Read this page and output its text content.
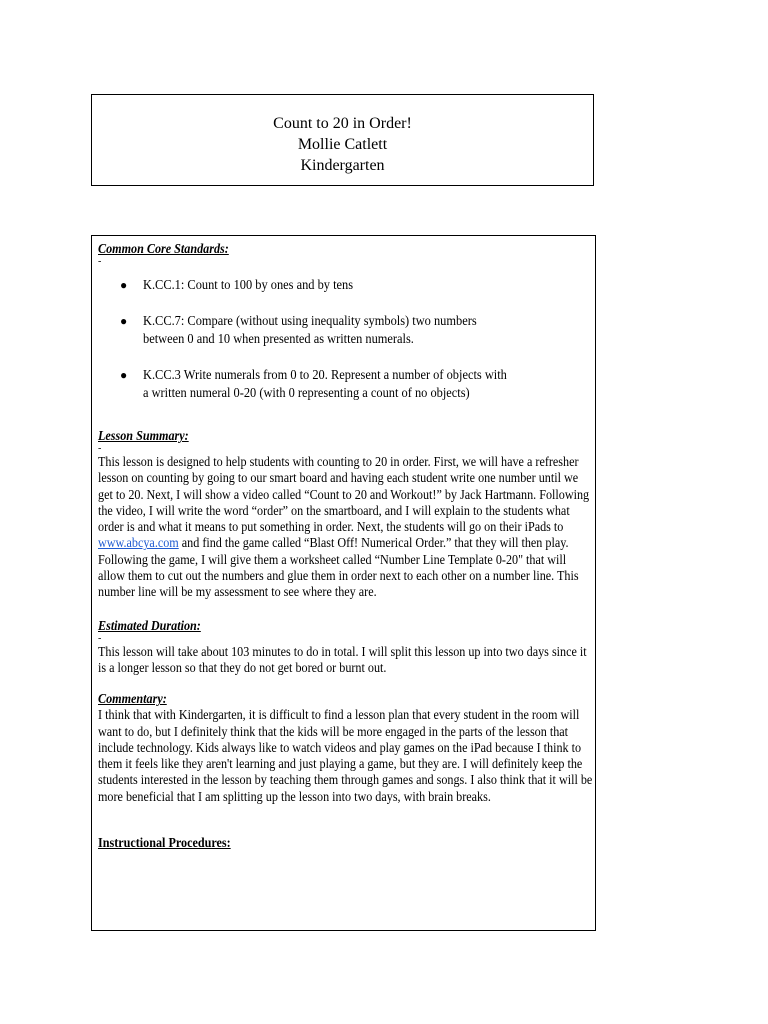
Count to 20 in Order!
Mollie Catlett
Kindergarten
Common Core Standards:
-
● K.CC.1: Count to 100 by ones and by tens
● K.CC.7: Compare (without using inequality symbols) two numbers
between 0 and 10 when presented as written numerals.
● K.CC.3 Write numerals from 0 to 20. Represent a number of objects with
a written numeral 0-20 (with 0 representing a count of no objects)
Lesson Summary:
-
This lesson is designed to help students with counting to 20 in order. First, we will have a refresher lesson on counting by going to our smart board and having each student write one number until we get to 20. Next, I will show a video called “Count to 20 and Workout!” by Jack Hartmann. Following the video, I will write the word “order” on the smartboard, and I will explain to the students what order is and what it means to put something in order. Next, the students will go on their iPads to www.abcya.com and find the game called “Blast Off! Numerical Order.” that they will then play. Following the game, I will give them a worksheet called “Number Line Template 0-20" that will allow them to cut out the numbers and glue them in order next to each other on a number line. This number line will be my assessment to see where they are.
Estimated Duration:
-
This lesson will take about 103 minutes to do in total. I will split this lesson up into two days since it is a longer lesson so that they do not get bored or burnt out.
Commentary:
I think that with Kindergarten, it is difficult to find a lesson plan that every student in the room will want to do, but I definitely think that the kids will be more engaged in the parts of the lesson that include technology. Kids always like to watch videos and play games on the iPad because I think to them it feels like they aren't learning and just playing a game, but they are. I will definitely keep the students interested in the lesson by teaching them through games and songs. I also think that it will be more beneficial that I am splitting up the lesson into two days, with brain breaks.
Instructional Procedures:
